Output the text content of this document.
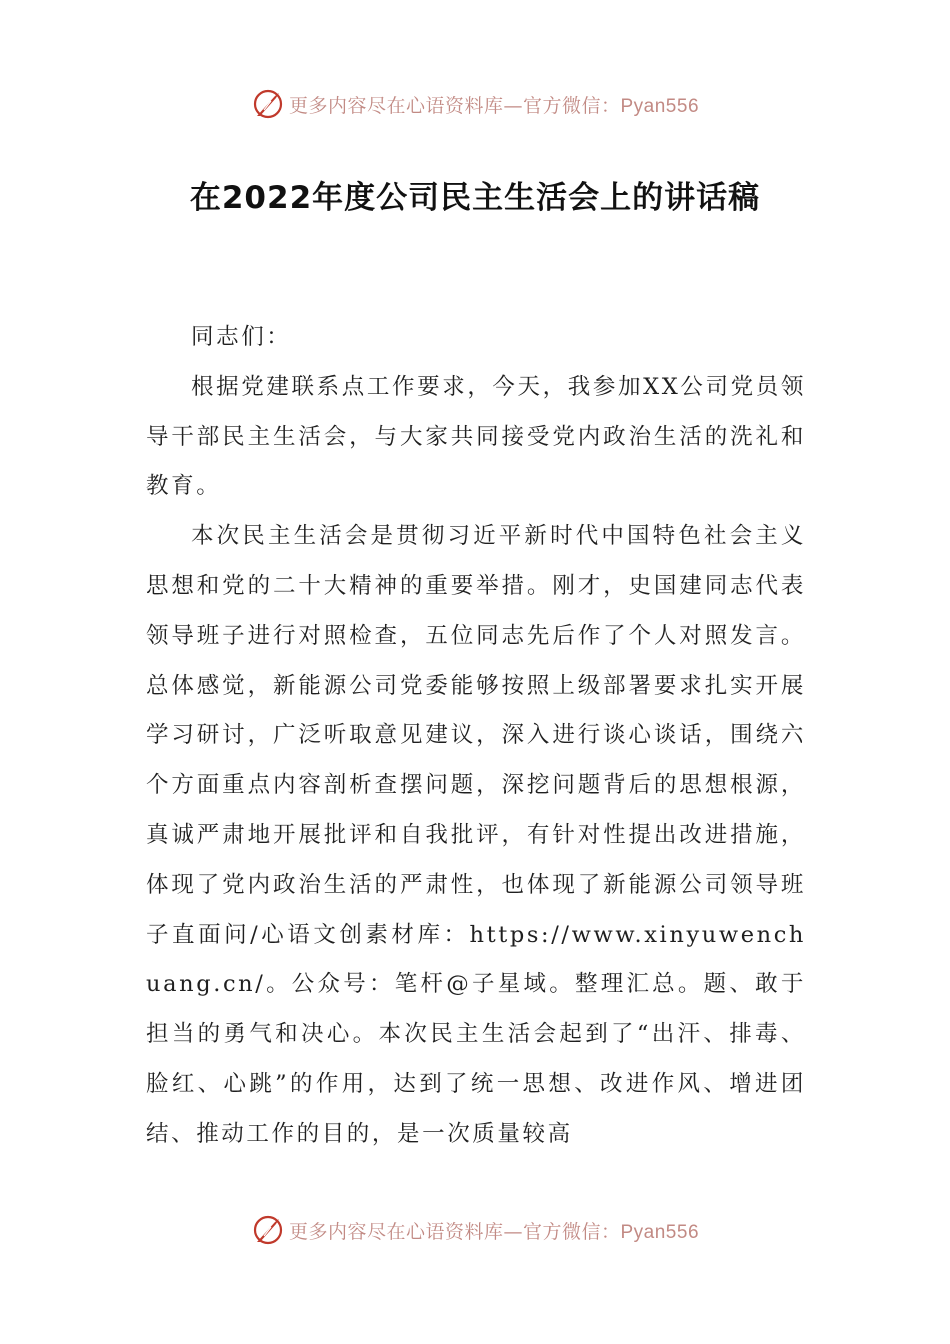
更多内容尽在心语资料库—官方微信：Pyan556
在2022年度公司民主生活会上的讲话稿

同志们：

根据党建联系点工作要求，今天，我参加XX公司党员领导干部民主生活会，与大家共同接受党内政治生活的洗礼和教育。

本次民主生活会是贯彻习近平新时代中国特色社会主义思想和党的二十大精神的重要举措。刚才，史国建同志代表领导班子进行对照检查，五位同志先后作了个人对照发言。总体感觉，新能源公司党委能够按照上级部署要求扎实开展学习研讨，广泛听取意见建议，深入进行谈心谈话，围绕六个方面重点内容剖析查摆问题，深挖问题背后的思想根源，真诚严肃地开展批评和自我批评，有针对性提出改进措施，体现了党内政治生活的严肃性，也体现了新能源公司领导班子直面问/心语文创素材库：https://www.xinyuwenchuang.cn/。公众号：笔杆@子星域。整理汇总。题、敢于担当的勇气和决心。本次民主生活会起到了“出汗、排毒、脸红、心跳”的作用，达到了统一思想、改进作风、增进团结、推动工作的目的，是一次质量较高

更多内容尽在心语资料库—官方微信：Pyan556
